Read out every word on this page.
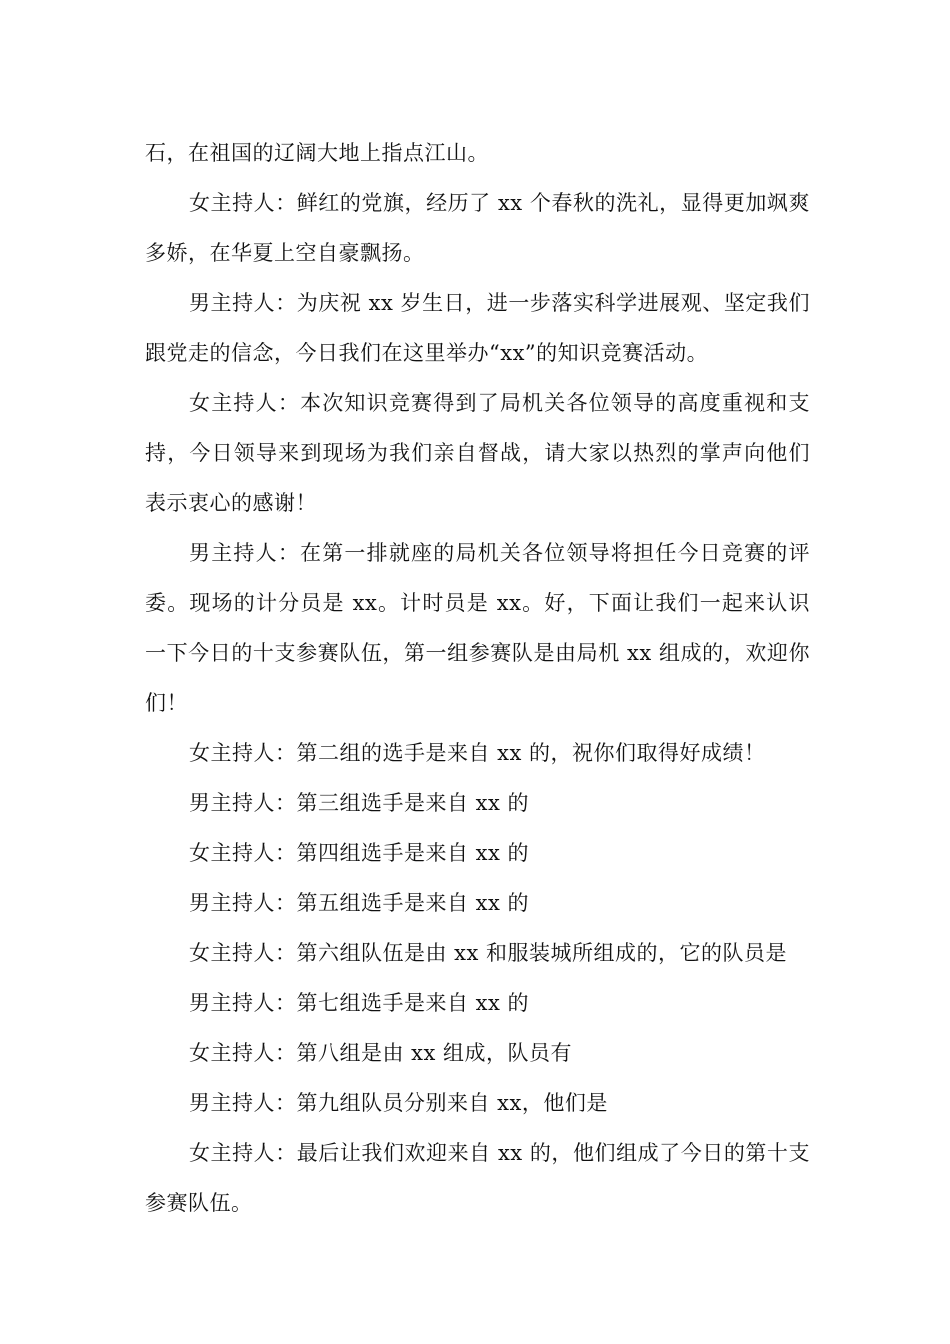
石，在祖国的辽阔大地上指点江山。

女主持人：鲜红的党旗，经历了 xx 个春秋的洗礼，显得更加飒爽多娇，在华夏上空自豪飘扬。

男主持人：为庆祝 xx 岁生日，进一步落实科学进展观、坚定我们跟党走的信念，今日我们在这里举办“xx”的知识竞赛活动。

女主持人：本次知识竞赛得到了局机关各位领导的高度重视和支持，今日领导来到现场为我们亲自督战，请大家以热烈的掌声向他们表示衷心的感谢！

男主持人：在第一排就座的局机关各位领导将担任今日竞赛的评委。现场的计分员是 xx。计时员是 xx。好，下面让我们一起来认识一下今日的十支参赛队伍，第一组参赛队是由局机 xx 组成的，欢迎你们！

女主持人：第二组的选手是来自 xx 的，祝你们取得好成绩！

男主持人：第三组选手是来自 xx 的

女主持人：第四组选手是来自 xx 的

男主持人：第五组选手是来自 xx 的

女主持人：第六组队伍是由 xx 和服装城所组成的，它的队员是

男主持人：第七组选手是来自 xx 的

女主持人：第八组是由 xx 组成，队员有

男主持人：第九组队员分别来自 xx，他们是

女主持人：最后让我们欢迎来自 xx 的，他们组成了今日的第十支参赛队伍。
